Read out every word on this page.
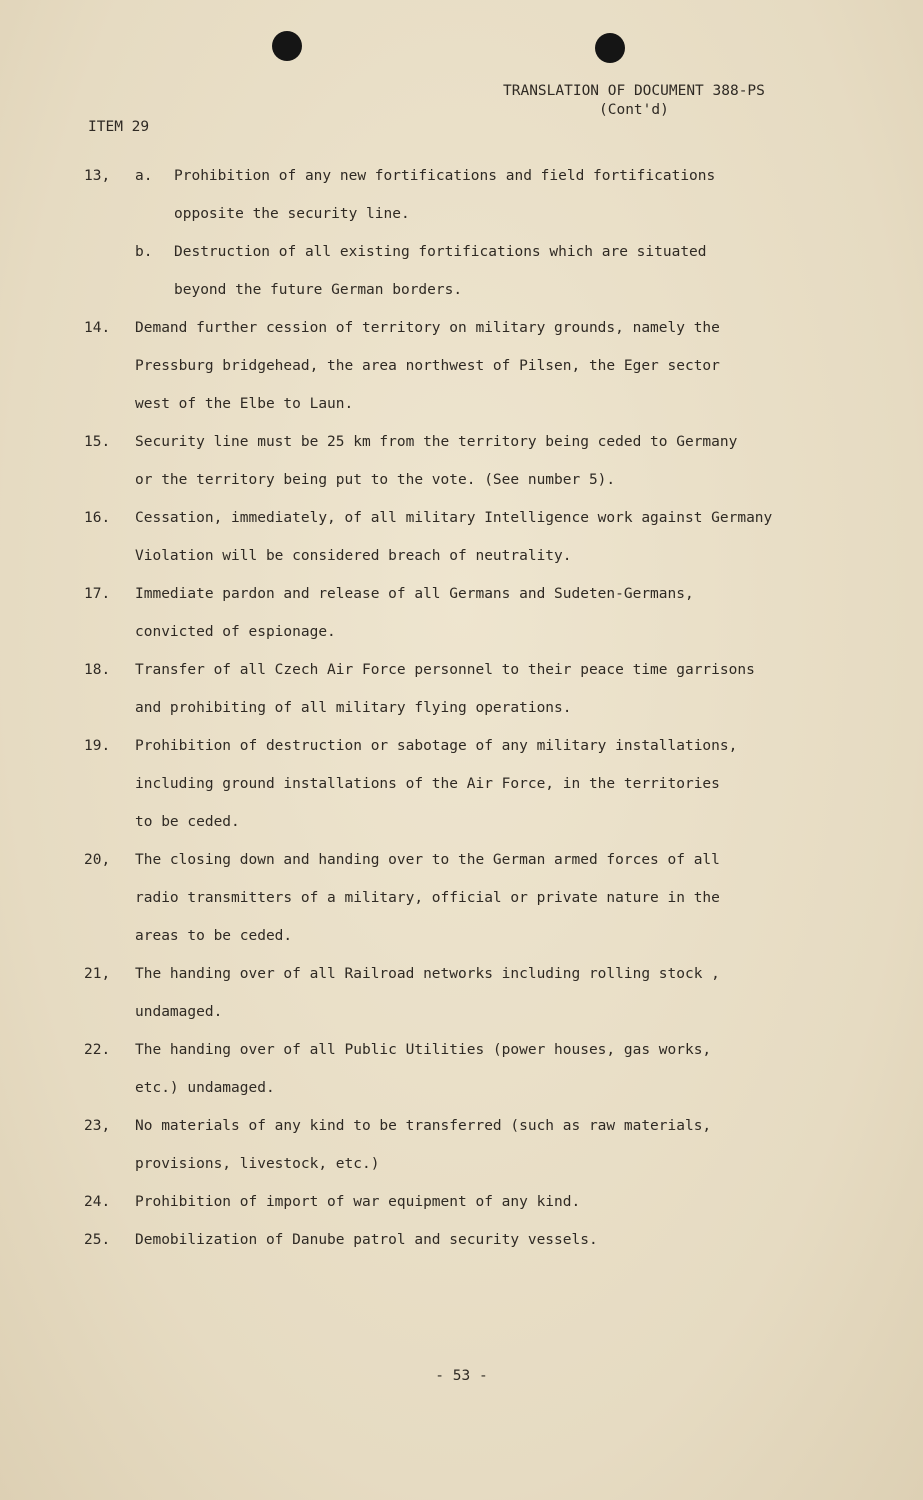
TRANSLATION OF DOCUMENT 388-PS
(Cont'd)
ITEM 29
13,	a. Prohibition of any new fortifications and field fortifications
opposite the security line.
b. Destruction of all existing fortifications which are situated
beyond the future German borders.
14.	Demand further cession of territory on military grounds, namely the
Pressburg bridgehead, the area northwest of Pilsen, the Eger sector
west of the Elbe to Laun.
15.	Security line must be 25 km from the territory being ceded to Germany
or the territory being put to the vote. (See number 5).
16.	Cessation, immediately, of all military Intelligence work against Germany
Violation will be considered breach of neutrality.
17.	Immediate pardon and release of all Germans and Sudeten-Germans,
convicted of espionage.
18.	Transfer of all Czech Air Force personnel to their peace time garrisons
and prohibiting of all military flying operations.
19.	Prohibition of destruction or sabotage of any military installations,
including ground installations of the Air Force, in the territories
to be ceded.
20,	The closing down and handing over to the German armed forces of all
radio transmitters of a military, official or private nature in the
areas to be ceded.
21,	The handing over of all Railroad networks including rolling stock ,
undamaged.
22.	The handing over of all Public Utilities (power houses, gas works,
etc.) undamaged.
23,	No materials of any kind to be transferred (such as raw materials,
provisions, livestock, etc.)
24.	Prohibition of import of war equipment of any kind.
25.	Demobilization of Danube patrol and security vessels.
- 53 -
